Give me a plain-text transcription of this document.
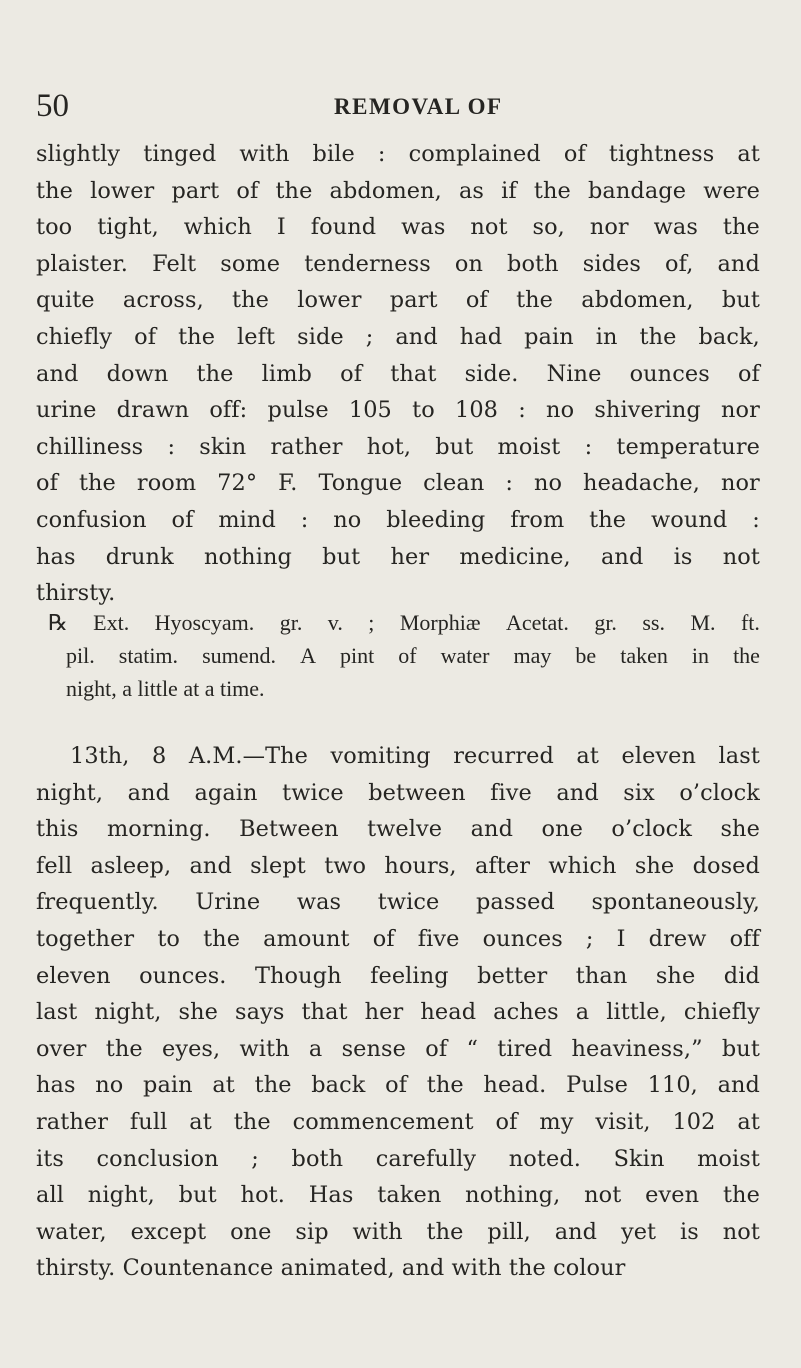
50	REMOVAL OF
slightly tinged with bile : complained of tightness at
the lower part of the abdomen, as if the bandage were
too tight, which I found was not so, nor was the
plaister. Felt some tenderness on both sides of, and
quite across, the lower part of the abdomen, but
chiefly of the left side ; and had pain in the back,
and down the limb of that side. Nine ounces of
urine drawn off: pulse 105 to 108 : no shivering nor
chilliness : skin rather hot, but moist : temperature
of the room 72° F. Tongue clean : no headache, nor
confusion of mind : no bleeding from the wound :
has drunk nothing but her medicine, and is not
thirsty.
℞ Ext. Hyoscyam. gr. v. ; Morphiæ Acetat. gr. ss. M. ft.
pil. statim. sumend. A pint of water may be taken in the
night, a little at a time.
13th, 8 A.M.—The vomiting recurred at eleven last
night, and again twice between five and six o’clock
this morning. Between twelve and one o’clock she
fell asleep, and slept two hours, after which she dosed
frequently. Urine was twice passed spontaneously,
together to the amount of five ounces ; I drew off
eleven ounces. Though feeling better than she did
last night, she says that her head aches a little, chiefly
over the eyes, with a sense of “ tired heaviness,” but
has no pain at the back of the head. Pulse 110, and
rather full at the commencement of my visit, 102 at
its conclusion ; both carefully noted. Skin moist
all night, but hot. Has taken nothing, not even the
water, except one sip with the pill, and yet is not
thirsty. Countenance animated, and with the colour
